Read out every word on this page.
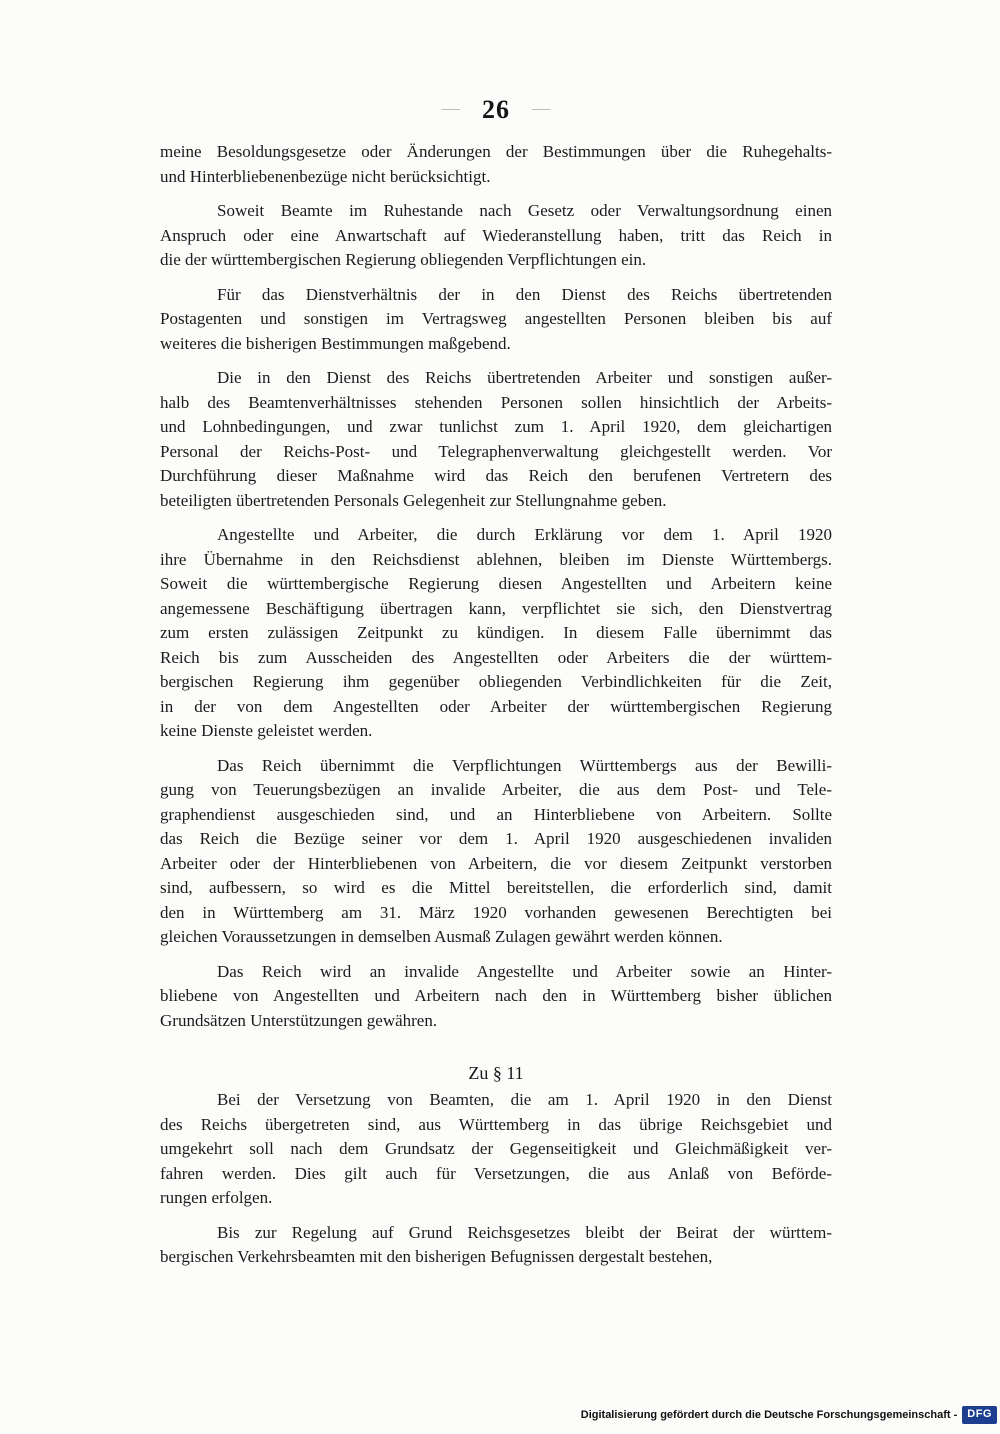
— 26 —
meine Besoldungsgesetze oder Änderungen der Bestimmungen über die Ruhegehalts-
und Hinterbliebenenbezüge nicht berücksichtigt.
Soweit Beamte im Ruhestande nach Gesetz oder Verwaltungsordnung einen
Anspruch oder eine Anwartschaft auf Wiederanstellung haben, tritt das Reich in
die der württembergischen Regierung obliegenden Verpflichtungen ein.
Für das Dienstverhältnis der in den Dienst des Reichs übertretenden
Postagenten und sonstigen im Vertragsweg angestellten Personen bleiben bis auf
weiteres die bisherigen Bestimmungen maßgebend.
Die in den Dienst des Reichs übertretenden Arbeiter und sonstigen außer-
halb des Beamtenverhältnisses stehenden Personen sollen hinsichtlich der Arbeits-
und Lohnbedingungen, und zwar tunlichst zum 1. April 1920, dem gleichartigen
Personal der Reichs-Post- und Telegraphenverwaltung gleichgestellt werden. Vor
Durchführung dieser Maßnahme wird das Reich den berufenen Vertretern des
beteiligten übertretenden Personals Gelegenheit zur Stellungnahme geben.
Angestellte und Arbeiter, die durch Erklärung vor dem 1. April 1920
ihre Übernahme in den Reichsdienst ablehnen, bleiben im Dienste Württembergs.
Soweit die württembergische Regierung diesen Angestellten und Arbeitern keine
angemessene Beschäftigung übertragen kann, verpflichtet sie sich, den Dienstvertrag
zum ersten zulässigen Zeitpunkt zu kündigen. In diesem Falle übernimmt das
Reich bis zum Ausscheiden des Angestellten oder Arbeiters die der württem-
bergischen Regierung ihm gegenüber obliegenden Verbindlichkeiten für die Zeit,
in der von dem Angestellten oder Arbeiter der württembergischen Regierung
keine Dienste geleistet werden.
Das Reich übernimmt die Verpflichtungen Württembergs aus der Bewilli-
gung von Teuerungsbezügen an invalide Arbeiter, die aus dem Post- und Tele-
graphendienst ausgeschieden sind, und an Hinterbliebene von Arbeitern. Sollte
das Reich die Bezüge seiner vor dem 1. April 1920 ausgeschiedenen invaliden
Arbeiter oder der Hinterbliebenen von Arbeitern, die vor diesem Zeitpunkt verstorben
sind, aufbessern, so wird es die Mittel bereitstellen, die erforderlich sind, damit
den in Württemberg am 31. März 1920 vorhanden gewesenen Berechtigten bei
gleichen Voraussetzungen in demselben Ausmaß Zulagen gewährt werden können.
Das Reich wird an invalide Angestellte und Arbeiter sowie an Hinter-
bliebene von Angestellten und Arbeitern nach den in Württemberg bisher üblichen
Grundsätzen Unterstützungen gewähren.
Zu § 11
Bei der Versetzung von Beamten, die am 1. April 1920 in den Dienst
des Reichs übergetreten sind, aus Württemberg in das übrige Reichsgebiet und
umgekehrt soll nach dem Grundsatz der Gegenseitigkeit und Gleichmäßigkeit ver-
fahren werden. Dies gilt auch für Versetzungen, die aus Anlaß von Beförde-
rungen erfolgen.
Bis zur Regelung auf Grund Reichsgesetzes bleibt der Beirat der württem-
bergischen Verkehrsbeamten mit den bisherigen Befugnissen dergestalt bestehen,
Digitalisierung gefördert durch die Deutsche Forschungsgemeinschaft - DFG
